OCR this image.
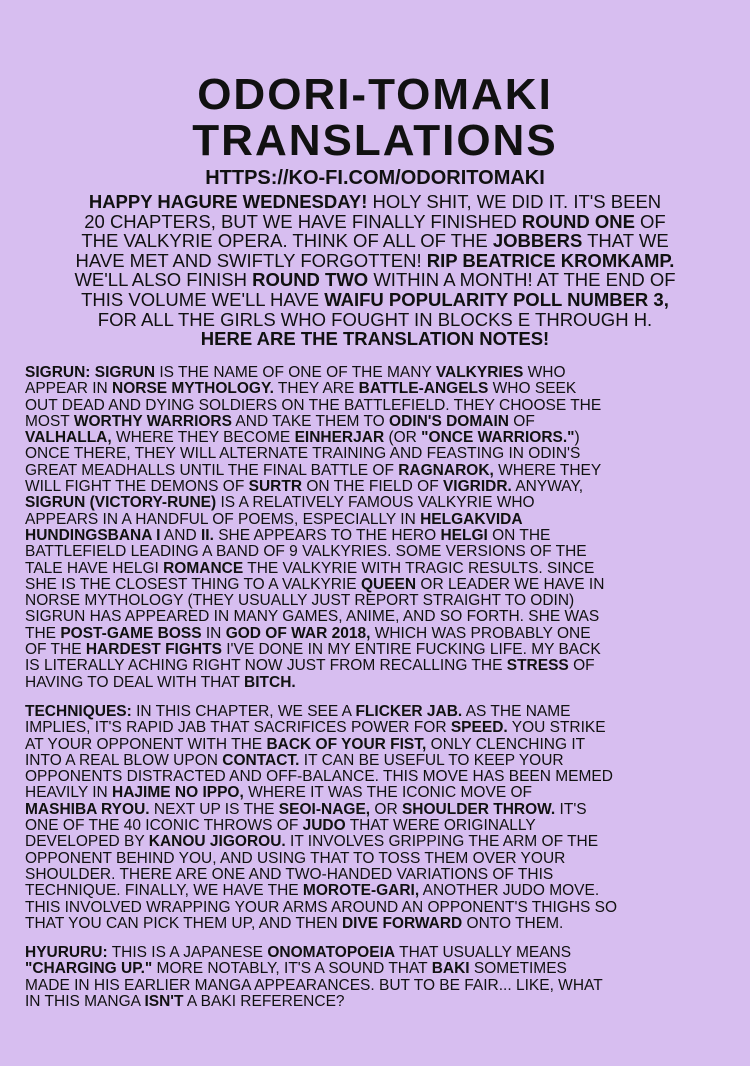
ODORI-TOMAKI
TRANSLATIONS
HTTPS://KO-FI.COM/ODORITOMAKI
HAPPY HAGURE WEDNESDAY! HOLY SHIT, WE DID IT. IT'S BEEN
20 CHAPTERS, BUT WE HAVE FINALLY FINISHED ROUND ONE OF
THE VALKYRIE OPERA. THINK OF ALL OF THE JOBBERS THAT WE
HAVE MET AND SWIFTLY FORGOTTEN! RIP BEATRICE KROMKAMP.
WE'LL ALSO FINISH ROUND TWO WITHIN A MONTH! AT THE END OF
THIS VOLUME WE'LL HAVE WAIFU POPULARITY POLL NUMBER 3,
FOR ALL THE GIRLS WHO FOUGHT IN BLOCKS E THROUGH H.
HERE ARE THE TRANSLATION NOTES!
SIGRUN: SIGRUN IS THE NAME OF ONE OF THE MANY VALKYRIES WHO
APPEAR IN NORSE MYTHOLOGY. THEY ARE BATTLE-ANGELS WHO SEEK
OUT DEAD AND DYING SOLDIERS ON THE BATTLEFIELD. THEY CHOOSE THE
MOST WORTHY WARRIORS AND TAKE THEM TO ODIN'S DOMAIN OF
VALHALLA, WHERE THEY BECOME EINHERJAR (OR "ONCE WARRIORS.")
ONCE THERE, THEY WILL ALTERNATE TRAINING AND FEASTING IN ODIN'S
GREAT MEADHALLS UNTIL THE FINAL BATTLE OF RAGNAROK, WHERE THEY
WILL FIGHT THE DEMONS OF SURTR ON THE FIELD OF VIGRIDR. ANYWAY,
SIGRUN (VICTORY-RUNE) IS A RELATIVELY FAMOUS VALKYRIE WHO
APPEARS IN A HANDFUL OF POEMS, ESPECIALLY IN HELGAKVIDA
HUNDINGSBANA I AND II. SHE APPEARS TO THE HERO HELGI ON THE
BATTLEFIELD LEADING A BAND OF 9 VALKYRIES. SOME VERSIONS OF THE
TALE HAVE HELGI ROMANCE THE VALKYRIE WITH TRAGIC RESULTS. SINCE
SHE IS THE CLOSEST THING TO A VALKYRIE QUEEN OR LEADER WE HAVE IN
NORSE MYTHOLOGY (THEY USUALLY JUST REPORT STRAIGHT TO ODIN)
SIGRUN HAS APPEARED IN MANY GAMES, ANIME, AND SO FORTH. SHE WAS
THE POST-GAME BOSS IN GOD OF WAR 2018, WHICH WAS PROBABLY ONE
OF THE HARDEST FIGHTS I'VE DONE IN MY ENTIRE FUCKING LIFE. MY BACK
IS LITERALLY ACHING RIGHT NOW JUST FROM RECALLING THE STRESS OF
HAVING TO DEAL WITH THAT BITCH.
TECHNIQUES: IN THIS CHAPTER, WE SEE A FLICKER JAB. AS THE NAME
IMPLIES, IT'S RAPID JAB THAT SACRIFICES POWER FOR SPEED. YOU STRIKE
AT YOUR OPPONENT WITH THE BACK OF YOUR FIST, ONLY CLENCHING IT
INTO A REAL BLOW UPON CONTACT. IT CAN BE USEFUL TO KEEP YOUR
OPPONENTS DISTRACTED AND OFF-BALANCE. THIS MOVE HAS BEEN MEMED
HEAVILY IN HAJIME NO IPPO, WHERE IT WAS THE ICONIC MOVE OF
MASHIBA RYOU. NEXT UP IS THE SEOI-NAGE, OR SHOULDER THROW. IT'S
ONE OF THE 40 ICONIC THROWS OF JUDO THAT WERE ORIGINALLY
DEVELOPED BY KANOU JIGOROU. IT INVOLVES GRIPPING THE ARM OF THE
OPPONENT BEHIND YOU, AND USING THAT TO TOSS THEM OVER YOUR
SHOULDER. THERE ARE ONE AND TWO-HANDED VARIATIONS OF THIS
TECHNIQUE. FINALLY, WE HAVE THE MOROTE-GARI, ANOTHER JUDO MOVE.
THIS INVOLVED WRAPPING YOUR ARMS AROUND AN OPPONENT'S THIGHS SO
THAT YOU CAN PICK THEM UP, AND THEN DIVE FORWARD ONTO THEM.
HYURURU: THIS IS A JAPANESE ONOMATOPOEIA THAT USUALLY MEANS
"CHARGING UP." MORE NOTABLY, IT'S A SOUND THAT BAKI SOMETIMES
MADE IN HIS EARLIER MANGA APPEARANCES. BUT TO BE FAIR... LIKE, WHAT
IN THIS MANGA ISN'T A BAKI REFERENCE?
